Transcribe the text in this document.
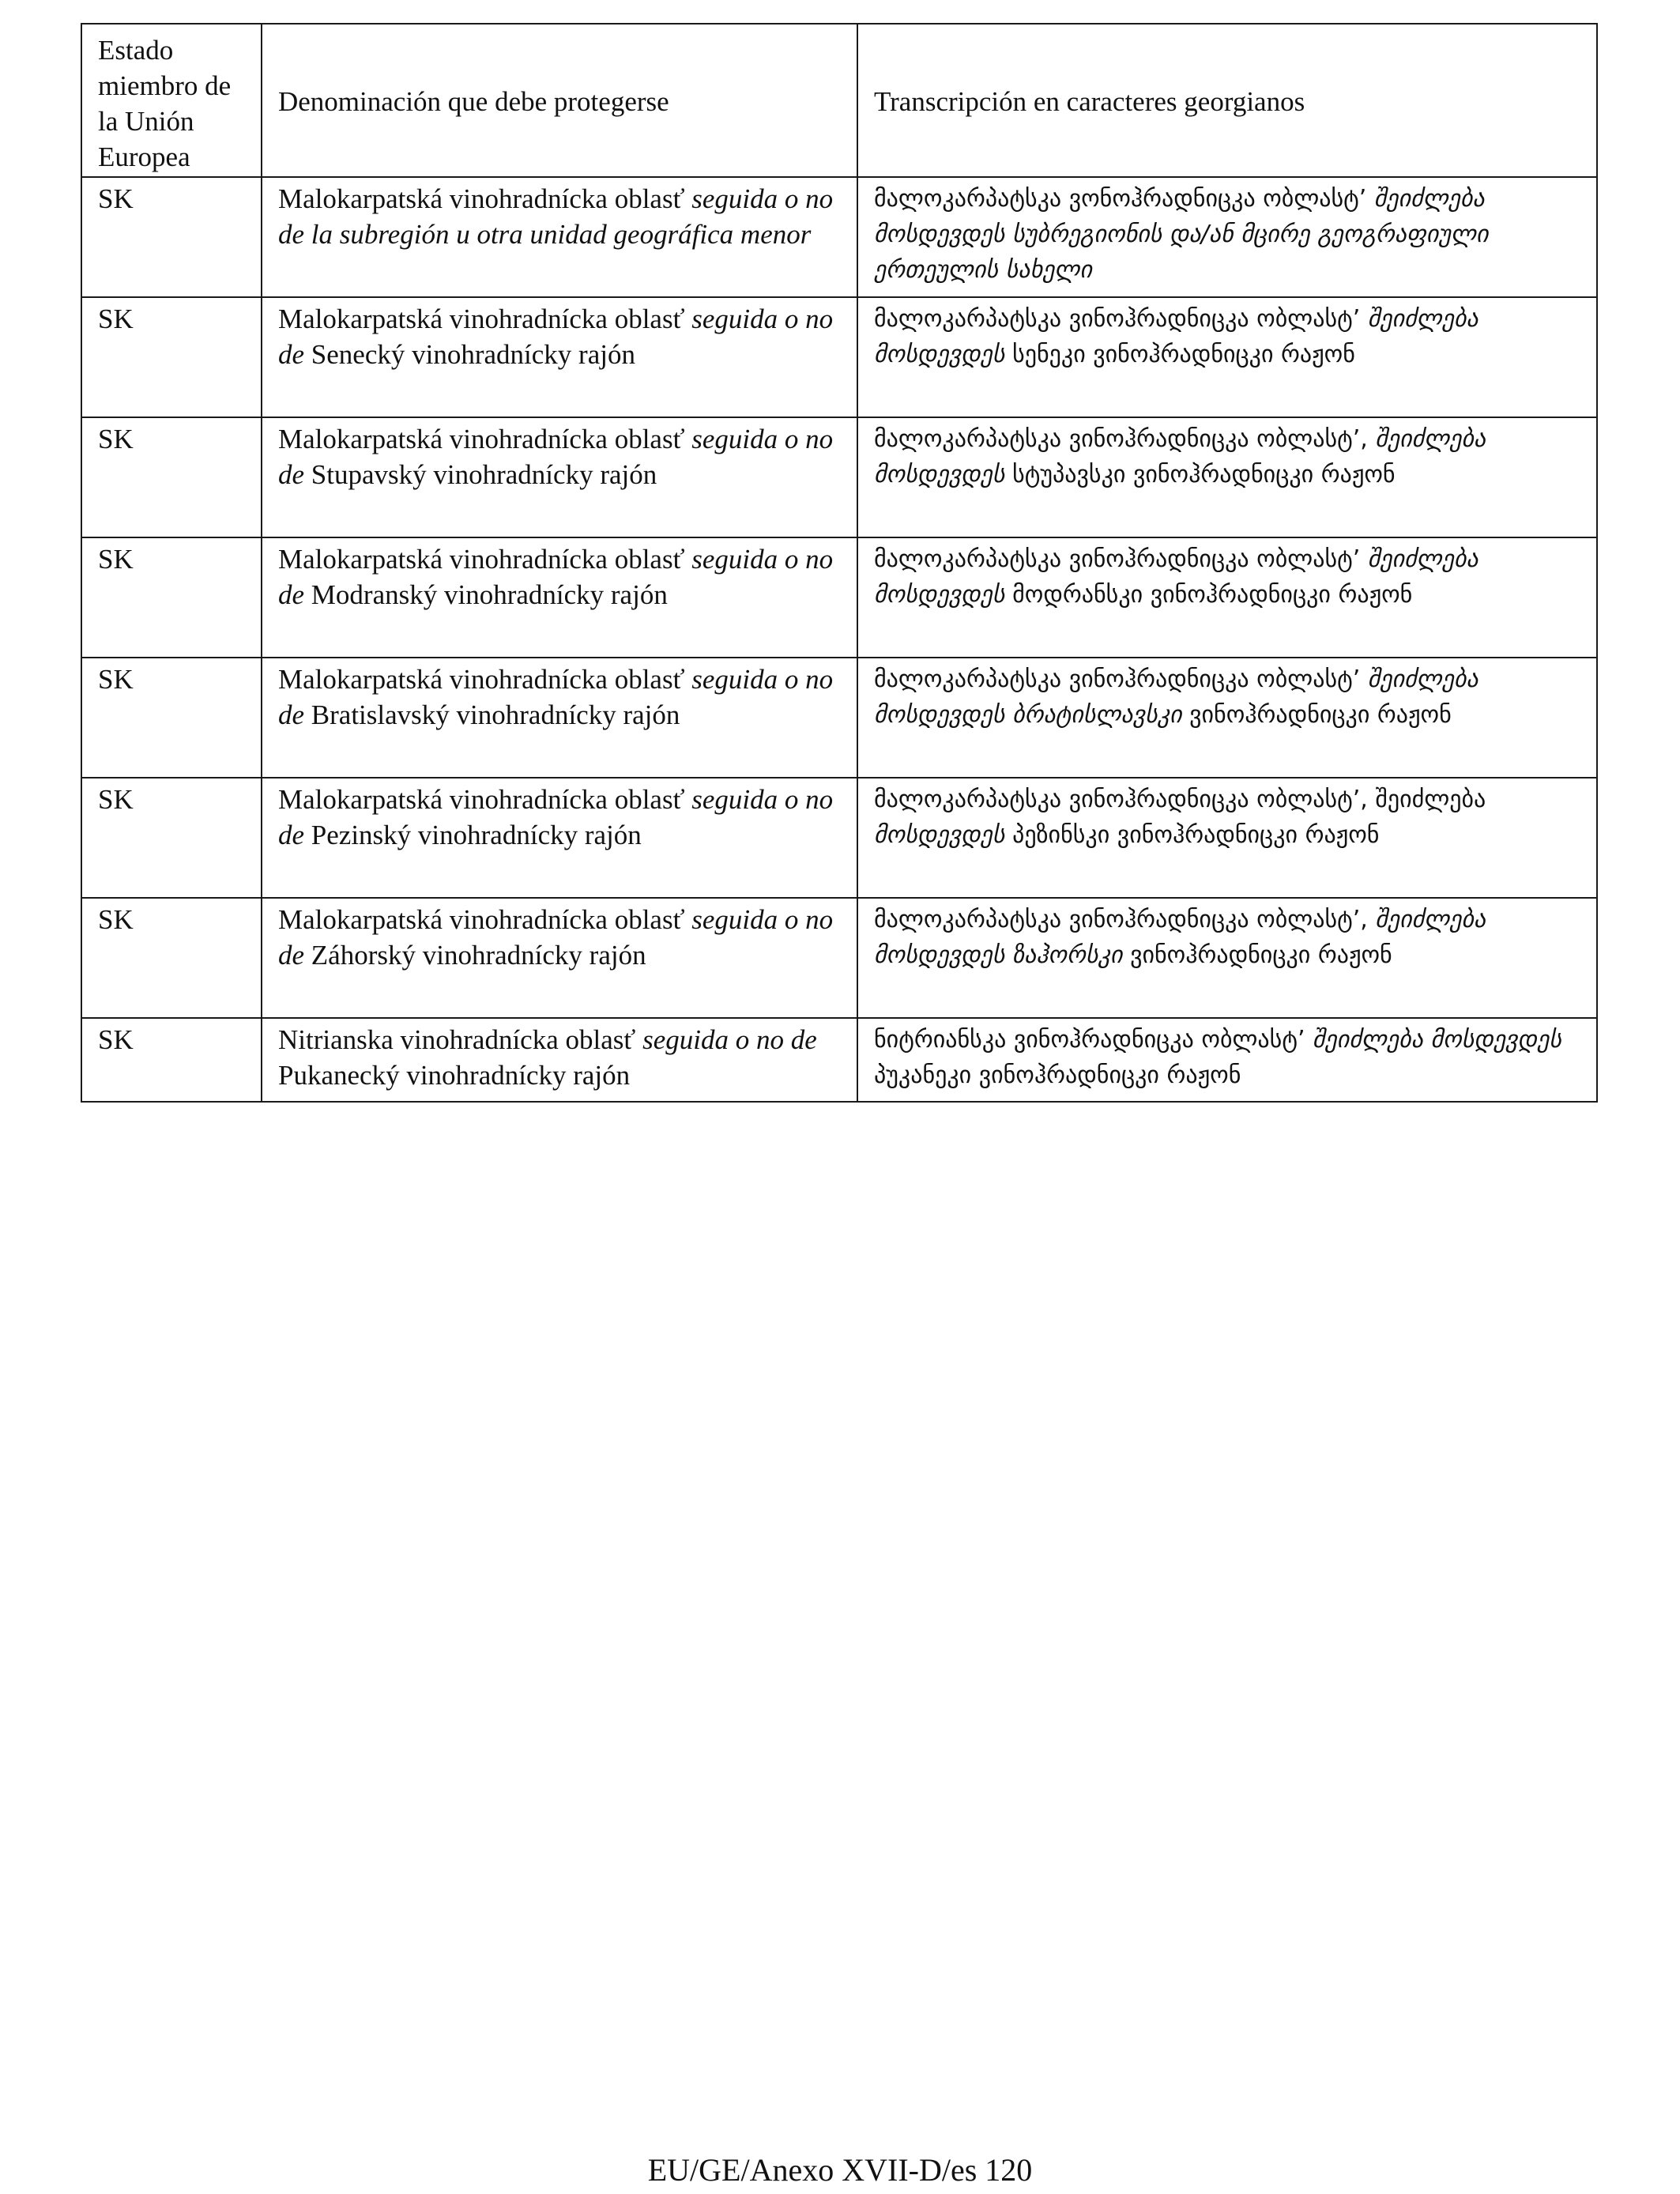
Estado miembro de la Unión Europea	Denominación que debe protegerse	Transcripción en caracteres georgianos
SK	Malokarpatská vinohradnícka oblasť seguida o no de la subregión u otra unidad geográfica menor	მალოკარპატსკა ვონოჰრადნიცკა ობლასტ’ შეიძლება მოსდევდეს სუბრეგიონის და/ან მცირე გეოგრაფიული ერთეულის სახელი
SK	Malokarpatská vinohradnícka oblasť seguida o no de Senecký vinohradnícky rajón	მალოკარპატსკა ვინოჰრადნიცკა ობლასტ’ შეიძლება მოსდევდეს სენეკი ვინოჰრადნიცკი რაჟონ
SK	Malokarpatská vinohradnícka oblasť seguida o no de Stupavský vinohradnícky rajón	მალოკარპატსკა ვინოჰრადნიცკა ობლასტ’, შეიძლება მოსდევდეს სტუპავსკი ვინოჰრადნიცკი რაჟონ
SK	Malokarpatská vinohradnícka oblasť seguida o no de Modranský vinohradnícky rajón	მალოკარპატსკა ვინოჰრადნიცკა ობლასტ’ შეიძლება მოსდევდეს მოდრანსკი ვინოჰრადნიცკი რაჟონ
SK	Malokarpatská vinohradnícka oblasť seguida o no de Bratislavský vinohradnícky rajón	მალოკარპატსკა ვინოჰრადნიცკა ობლასტ’ შეიძლება მოსდევდეს ბრატისლავსკი ვინოჰრადნიცკი რაჟონ
SK	Malokarpatská vinohradnícka oblasť seguida o no de Pezinský vinohradnícky rajón	მალოკარპატსკა ვინოჰრადნიცკა ობლასტ’, შეიძლება მოსდევდეს პეზინსკი ვინოჰრადნიცკი რაჟონ
SK	Malokarpatská vinohradnícka oblasť seguida o no de Záhorský vinohradnícky rajón	მალოკარპატსკა ვინოჰრადნიცკა ობლასტ’, შეიძლება მოსდევდეს ზაჰორსკი ვინოჰრადნიცკი რაჟონ
SK	Nitrianska vinohradnícka oblasť seguida o no de Pukanecký vinohradnícky rajón	ნიტრიანსკა ვინოჰრადნიცკა ობლასტ’ შეიძლება მოსდევდეს პუკანეკი ვინოჰრადნიცკი რაჟონ
EU/GE/Anexo XVII-D/es 120
